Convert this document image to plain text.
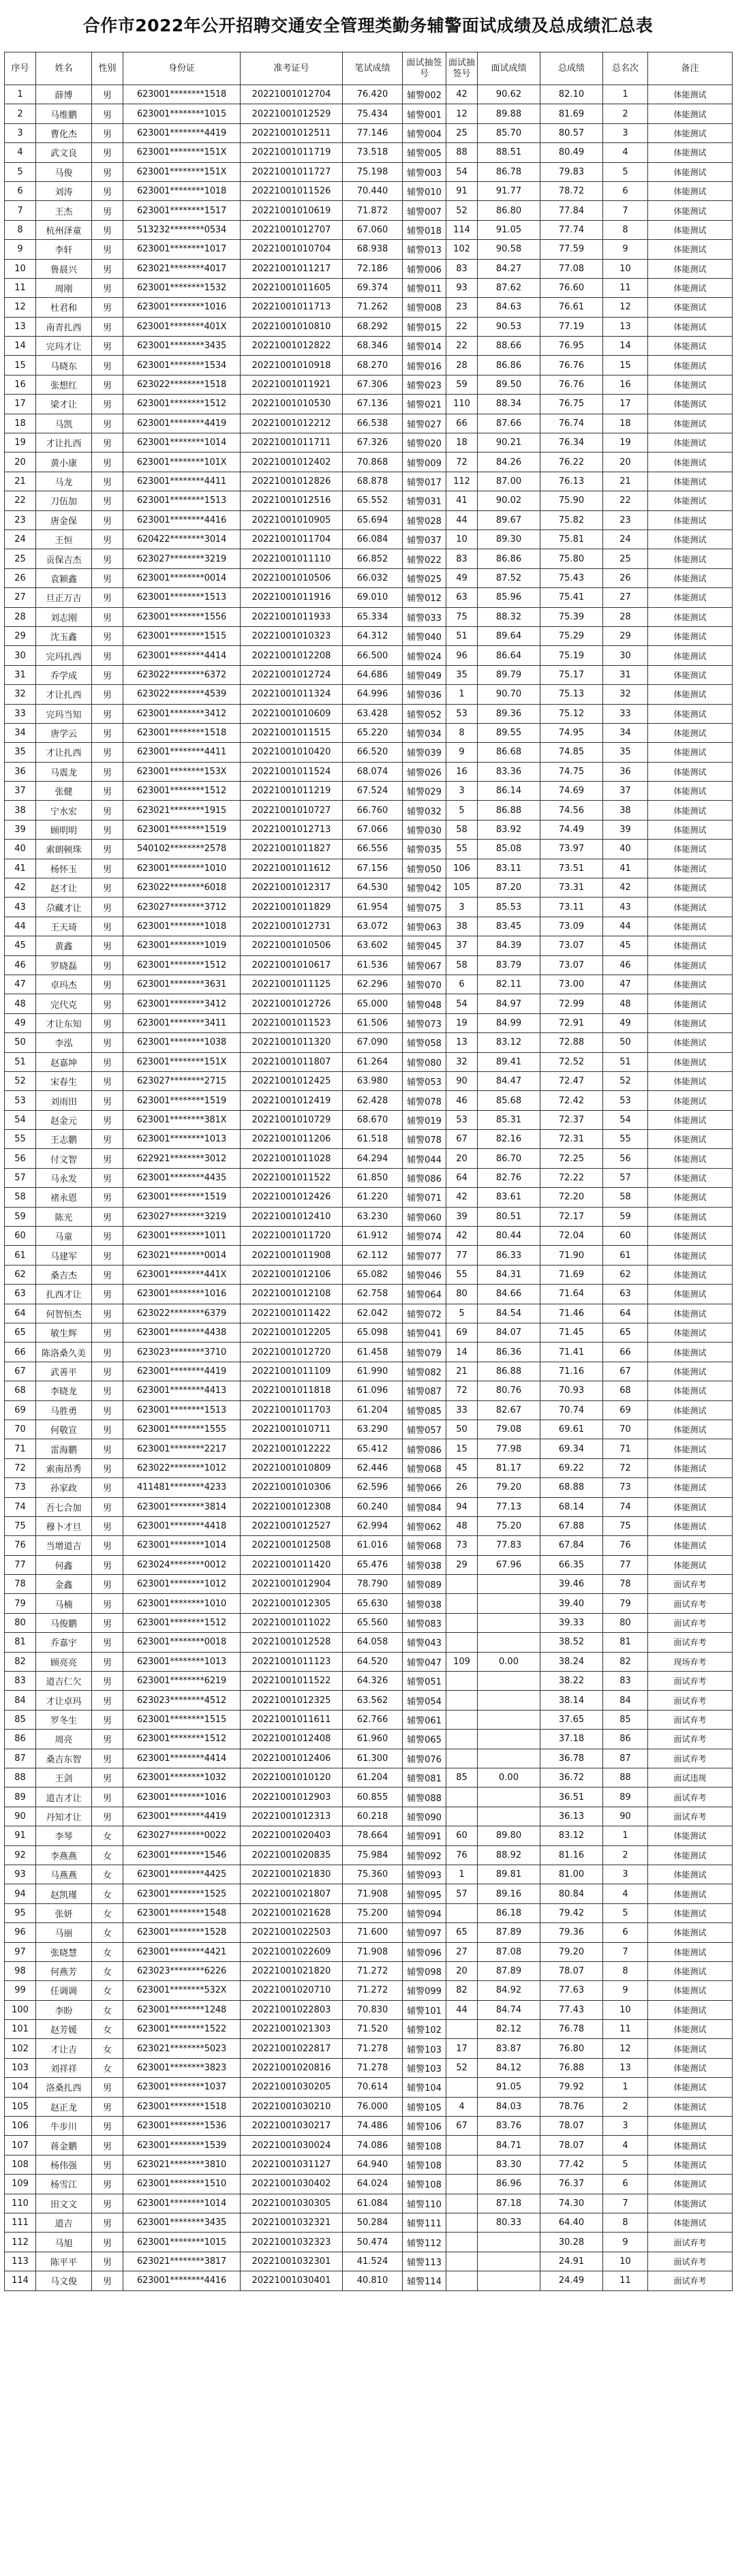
合作市2022年公开招聘交通安全管理类勤务辅警面试成绩及总成绩汇总表
序号	姓名	性别	身份证	准考证号	笔试成绩	面试抽签号	面试抽签号	面试成绩	总成绩	总名次	备注
1	薛博	男	623001********1518	20221001012704	76.420	辅警002	42	90.62	82.10	1	体能测试
2	马维鹏	男	623001********1015	20221001012529	75.434	辅警001	12	89.88	81.69	2	体能测试
3	曹化杰	男	623001********4419	20221001012511	77.146	辅警004	25	85.70	80.57	3	体能测试
4	武文良	男	623001********151X	20221001011719	73.518	辅警005	88	88.51	80.49	4	体能测试
5	马俊	男	623001********151X	20221001011727	75.198	辅警003	54	86.78	79.83	5	体能测试
6	刘涛	男	623001********1018	20221001011526	70.440	辅警010	91	91.77	78.72	6	体能测试
7	王杰	男	623001********1517	20221001010619	71.872	辅警007	52	86.80	77.84	7	体能测试
8	杭州泽童	男	513232********0534	20221001012707	67.060	辅警018	114	91.05	77.74	8	体能测试
9	李轩	男	623001********1017	20221001010704	68.938	辅警013	102	90.58	77.59	9	体能测试
10	鲁晨兴	男	623021********4017	20221001011217	72.186	辅警006	83	84.27	77.08	10	体能测试
11	周刚	男	623001********1532	20221001011605	69.374	辅警011	93	87.62	76.60	11	体能测试
12	杜君和	男	623001********1016	20221001011713	71.262	辅警008	23	84.63	76.61	12	体能测试
13	南青扎西	男	623001********401X	20221001010810	68.292	辅警015	22	90.53	77.19	13	体能测试
14	完玛才让	男	623001********3435	20221001012822	68.346	辅警014	22	88.66	76.95	14	体能测试
15	马晓东	男	623001********1534	20221001010918	68.270	辅警016	28	86.86	76.76	15	体能测试
16	张想红	男	623022********1518	20221001011921	67.306	辅警023	59	89.50	76.76	16	体能测试
17	梁才让	男	623001********1512	20221001010530	67.136	辅警021	110	88.34	76.75	17	体能测试
18	马凯	男	623001********4419	20221001012212	66.538	辅警027	66	87.66	76.74	18	体能测试
19	才让扎西	男	623001********1014	20221001011711	67.326	辅警020	18	90.21	76.34	19	体能测试
20	黄小康	男	623001********101X	20221001012402	70.868	辅警009	72	84.26	76.22	20	体能测试
21	马龙	男	623001********4411	20221001012826	68.878	辅警017	112	87.00	76.13	21	体能测试
22	刀伍加	男	623001********1513	20221001012516	65.552	辅警031	41	90.02	75.90	22	体能测试
23	唐金保	男	623001********4416	20221001010905	65.694	辅警028	44	89.67	75.82	23	体能测试
24	王恒	男	620422********3014	20221001011704	66.084	辅警037	10	89.30	75.81	24	体能测试
25	贡保吉杰	男	623027********3219	20221001011110	66.852	辅警022	83	86.86	75.80	25	体能测试
26	袁颖鑫	男	623001********0014	20221001010506	66.032	辅警025	49	87.52	75.43	26	体能测试
27	旦正万吉	男	623001********1513	20221001011916	69.010	辅警012	63	85.96	75.41	27	体能测试
28	刘志刚	男	623001********1556	20221001011933	65.334	辅警033	75	88.32	75.39	28	体能测试
29	沈玉鑫	男	623001********1515	20221001010323	64.312	辅警040	51	89.64	75.29	29	体能测试
30	完玛扎西	男	623001********4414	20221001012208	66.500	辅警024	96	86.64	75.19	30	体能测试
31	乔学成	男	623022********6372	20221001012724	64.686	辅警049	35	89.79	75.17	31	体能测试
32	才让扎西	男	623022********4539	20221001011324	64.996	辅警036	1	90.70	75.13	32	体能测试
33	完玛当知	男	623001********3412	20221001010609	63.428	辅警052	53	89.36	75.12	33	体能测试
34	唐学云	男	623001********1518	20221001011515	65.220	辅警034	8	89.55	74.95	34	体能测试
35	才让扎西	男	623001********4411	20221001010420	66.520	辅警039	9	86.68	74.85	35	体能测试
36	马震龙	男	623001********153X	20221001011524	68.074	辅警026	16	83.36	74.75	36	体能测试
37	张健	男	623001********1512	20221001011219	67.524	辅警029	3	86.14	74.69	37	体能测试
38	宁水宏	男	623021********1915	20221001010727	66.760	辅警032	5	86.88	74.56	38	体能测试
39	顾明明	男	623001********1519	20221001012713	67.066	辅警030	58	83.92	74.49	39	体能测试
40	索朗顿珠	男	540102********2578	20221001011827	66.556	辅警035	55	85.08	73.97	40	体能测试
41	杨怀玉	男	623001********1010	20221001011612	67.156	辅警050	106	83.11	73.51	41	体能测试
42	赵才让	男	623022********6018	20221001012317	64.530	辅警042	105	87.20	73.31	42	体能测试
43	尕藏才让	男	623027********3712	20221001011829	61.954	辅警075	3	85.53	73.11	43	体能测试
44	王天琦	男	623001********1018	20221001012731	63.072	辅警063	38	83.45	73.09	44	体能测试
45	黄鑫	男	623001********1019	20221001010506	63.602	辅警045	37	84.39	73.07	45	体能测试
46	罗晓磊	男	623001********1512	20221001010617	61.536	辅警067	58	83.79	73.07	46	体能测试
47	卓玛杰	男	623001********3631	20221001011125	62.296	辅警070	6	82.11	73.00	47	体能测试
48	完代克	男	623001********3412	20221001012726	65.000	辅警048	54	84.97	72.99	48	体能测试
49	才让东知	男	623001********3411	20221001011523	61.506	辅警073	19	84.99	72.91	49	体能测试
50	李泓	男	623001********1038	20221001011320	67.090	辅警058	13	83.12	72.88	50	体能测试
51	赵嘉坤	男	623001********151X	20221001011807	61.264	辅警080	32	89.41	72.52	51	体能测试
52	宋春生	男	623027********2715	20221001012425	63.980	辅警053	90	84.47	72.47	52	体能测试
53	刘雨田	男	623001********1519	20221001012419	62.428	辅警078	46	85.68	72.42	53	体能测试
54	赵金元	男	623001********381X	20221001010729	68.670	辅警019	53	85.31	72.37	54	体能测试
55	王志鹏	男	623001********1013	20221001011206	61.518	辅警078	67	82.16	72.31	55	体能测试
56	付文智	男	622921********3012	20221001011028	64.294	辅警044	20	86.70	72.25	56	体能测试
57	马永发	男	623001********4435	20221001011522	61.850	辅警086	64	82.76	72.22	57	体能测试
58	褚永恩	男	623001********1519	20221001012426	61.220	辅警071	42	83.61	72.20	58	体能测试
59	陈光	男	623027********3219	20221001012410	63.230	辅警060	39	80.51	72.17	59	体能测试
60	马童	男	623001********1011	20221001011720	61.912	辅警074	42	80.44	72.04	60	体能测试
61	马建军	男	623021********0014	20221001011908	62.112	辅警077	77	86.33	71.90	61	体能测试
62	桑吉杰	男	623001********441X	20221001012106	65.082	辅警046	55	84.31	71.69	62	体能测试
63	扎西才让	男	623001********1016	20221001012108	62.758	辅警064	80	84.66	71.64	63	体能测试
64	何智恒杰	男	623022********6379	20221001011422	62.042	辅警072	5	84.54	71.46	64	体能测试
65	敏生辉	男	623001********4438	20221001012205	65.098	辅警041	69	84.07	71.45	65	体能测试
66	陈洛桑久美	男	623023********3710	20221001012720	61.458	辅警079	14	86.36	71.41	66	体能测试
67	武善平	男	623001********4419	20221001011109	61.990	辅警082	21	86.88	71.16	67	体能测试
68	李晓龙	男	623001********4413	20221001011818	61.096	辅警087	72	80.76	70.93	68	体能测试
69	马胜勇	男	623001********1513	20221001011703	61.204	辅警085	33	82.67	70.74	69	体能测试
70	何敬宣	男	623001********1555	20221001010711	63.290	辅警057	50	79.08	69.61	70	体能测试
71	雷海鹏	男	623001********2217	20221001012222	65.412	辅警086	15	77.98	69.34	71	体能测试
72	索南昂秀	男	623022********1012	20221001010809	62.446	辅警068	45	81.17	69.22	72	体能测试
73	孙家政	男	411481********4233	20221001010306	62.596	辅警066	26	79.20	68.88	73	体能测试
74	吾七合加	男	623001********3814	20221001012308	60.240	辅警084	94	77.13	68.14	74	体能测试
75	穆卜才旦	男	623001********4418	20221001012527	62.994	辅警062	48	75.20	67.88	75	体能测试
76	当增道吉	男	623001********1014	20221001012508	61.016	辅警068	73	77.83	67.84	76	体能测试
77	何鑫	男	623024********0012	20221001011420	65.476	辅警038	29	67.96	66.35	77	体能测试
78	金鑫	男	623001********1012	20221001012904	78.790	辅警089			39.46	78	面试弃考
79	马楠	男	623001********1010	20221001012305	65.630	辅警038			39.40	79	面试弃考
80	马俊鹏	男	623001********1512	20221001011022	65.560	辅警083			39.33	80	面试弃考
81	乔嘉宇	男	623001********0018	20221001012528	64.058	辅警043			38.52	81	面试弃考
82	顾亮亮	男	623001********1013	20221001011123	64.520	辅警047	109	0.00	38.24	82	现场弃考
83	道吉仁欠	男	623001********6219	20221001011522	64.326	辅警051			38.22	83	面试弃考
84	才让卓玛	男	623023********4512	20221001012325	63.562	辅警054			38.14	84	面试弃考
85	罗冬生	男	623001********1515	20221001011611	62.766	辅警061			37.65	85	面试弃考
86	周亮	男	623001********1512	20221001012408	61.960	辅警065			37.18	86	面试弃考
87	桑吉东智	男	623001********4414	20221001012406	61.300	辅警076			36.78	87	面试弃考
88	王剑	男	623001********1032	20221001010120	61.204	辅警081	85	0.00	36.72	88	面试违规
89	道吉才让	男	623001********1016	20221001012903	60.855	辅警088			36.51	89	面试弃考
90	丹知才让	男	623001********4419	20221001012313	60.218	辅警090			36.13	90	面试弃考
91	李琴	女	623027********0022	20221001020403	78.664	辅警091	60	89.80	83.12	1	体能测试
92	李燕燕	女	623001********1546	20221001020835	75.984	辅警092	76	88.92	81.16	2	体能测试
93	马燕燕	女	623001********4425	20221001021830	75.360	辅警093	1	89.81	81.00	3	体能测试
94	赵凯瑾	女	623001********1525	20221001021807	71.908	辅警095	57	89.16	80.84	4	体能测试
95	张妍	女	623001********1548	20221001021628	75.200	辅警094		86.18	79.42	5	体能测试
96	马丽	女	623001********1528	20221001022503	71.600	辅警097	65	87.89	79.36	6	体能测试
97	张晓慧	女	623001********4421	20221001022609	71.908	辅警096	27	87.08	79.20	7	体能测试
98	何燕芳	女	623023********6226	20221001021820	71.272	辅警098	20	87.89	78.07	8	体能测试
99	任调调	女	623001********532X	20221001020710	71.272	辅警099	82	84.92	77.63	9	体能测试
100	李盼	女	623001********1248	20221001022803	70.830	辅警101	44	84.74	77.43	10	体能测试
101	赵芳媛	女	623001********1522	20221001021303	71.520	辅警102		82.12	76.78	11	体能测试
102	才让吉	女	623021********5023	20221001022817	71.278	辅警103	17	83.87	76.80	12	体能测试
103	刘祥祥	女	623001********3823	20221001020816	71.278	辅警103	52	84.12	76.88	13	体能测试
104	洛桑扎西	男	623001********1037	20221001030205	70.614	辅警104		91.05	79.92	1	体能测试
105	赵正龙	男	623001********1518	20221001030210	76.000	辅警105	4	84.03	78.76	2	体能测试
106	牛步川	男	623001********1536	20221001030217	74.486	辅警106	67	83.76	78.07	3	体能测试
107	蒋金鹏	男	623001********1539	20221001030024	74.086	辅警108		84.71	78.07	4	体能测试
108	杨伟强	男	623021********3810	20221001031127	64.940	辅警108		83.30	77.42	5	体能测试
109	杨雪江	男	623001********1510	20221001030402	64.024	辅警108		86.96	76.37	6	体能测试
110	田文文	男	623001********1014	20221001030305	61.084	辅警110		87.18	74.30	7	体能测试
111	道吉	男	623001********3435	20221001032321	50.284	辅警111		80.33	64.40	8	体能测试
112	马旭	男	623001********1015	20221001032323	50.474	辅警112			30.28	9	面试弃考
113	陈平平	男	623021********3817	20221001032301	41.524	辅警113			24.91	10	面试弃考
114	马文俊	男	623001********4416	20221001030401	40.810	辅警114			24.49	11	面试弃考
